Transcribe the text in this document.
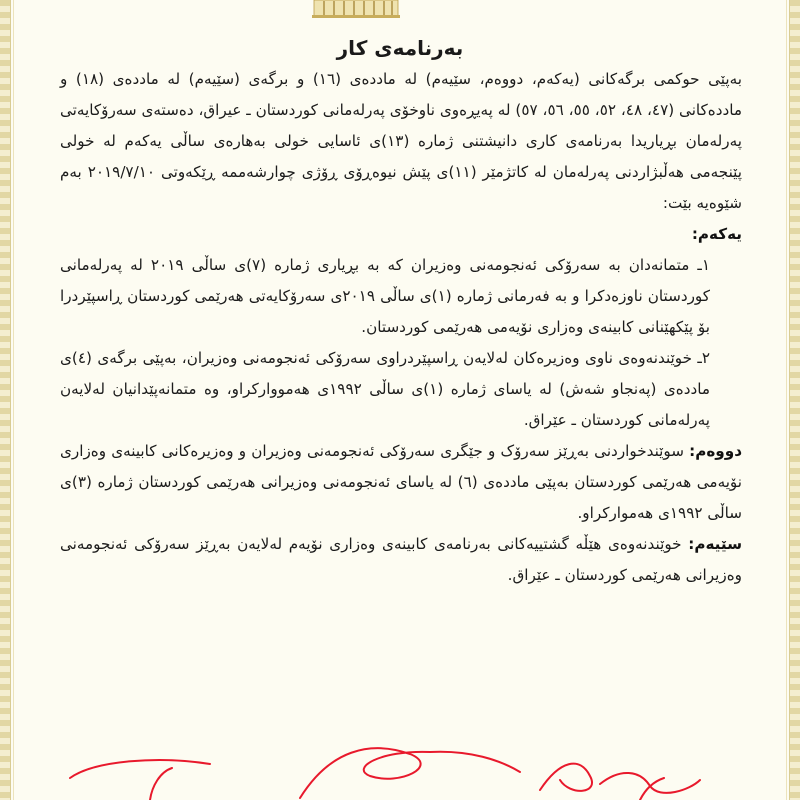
بەرنامەی کار

بەپێی حوکمی برگەکانی (یەکەم، دووەم، سێیەم) لە ماددەی (١٦) و برگەی (سێیەم) لە ماددەی (١٨) و ماددەکانی (٤٧، ٤٨، ٥٢، ٥٥، ٥٦، ٥٧) لە پەیڕەوی ناوخۆی پەرلەمانی کوردستان ـ عیراق، دەستەی سەرۆکایەتی پەرلەمان بڕیاریدا بەرنامەی کاری دانیشتنی ژمارە (١٣)ی ئاسایی خولی بەهارەی ساڵی یەکەم لە خولی پێنجەمی هەڵبژاردنی پەرلەمان لە کاتژمێر (١١)ی پێش نیوەڕۆی ڕۆژی چوارشەممە ڕێکەوتی ٢٠١٩/٧/١٠ بەم شێوەیە بێت:

یەکەم:

١ـ متمانەدان بە سەرۆکی ئەنجومەنی وەزیران کە بە بڕیاری ژمارە (٧)ی ساڵی ٢٠١٩ لە پەرلەمانی کوردستان ناوزەدکرا و بە فەرمانی ژمارە (١)ی ساڵی ٢٠١٩ی سەرۆکایەتی هەرێمی کوردستان ڕاسپێردرا بۆ پێکهێنانی کابینەی وەزاری نۆیەمی هەرێمی کوردستان.

٢ـ خوێندنەوەی ناوی وەزیرەکان لەلایەن ڕاسپێردراوی سەرۆکی ئەنجومەنی وەزیران، بەپێی برگەی (٤)ی ماددەی (پەنجاو شەش) لە یاسای ژمارە (١)ی ساڵی ١٩٩٢ی هەمووارکراو، وە متمانەپێدانیان لەلایەن پەرلەمانی کوردستان ـ عێراق.

دووەم: سوێندخواردنی بەڕێز سەرۆک و جێگری سەرۆکی ئەنجومەنی وەزیران و وەزیرەکانی کابینەی وەزاری نۆیەمی هەرێمی کوردستان بەپێی ماددەی (٦) لە یاسای ئەنجومەنی وەزیرانی هەرێمی کوردستان ژمارە (٣)ی ساڵی ١٩٩٢ی هەموارکراو.

سێیەم: خوێندنەوەی هێڵە گشتییەکانی بەرنامەی کابینەی وەزاری نۆیەم لەلایەن بەڕێز سەرۆکی ئەنجومەنی وەزیرانی هەرێمی کوردستان ـ عێراق.
